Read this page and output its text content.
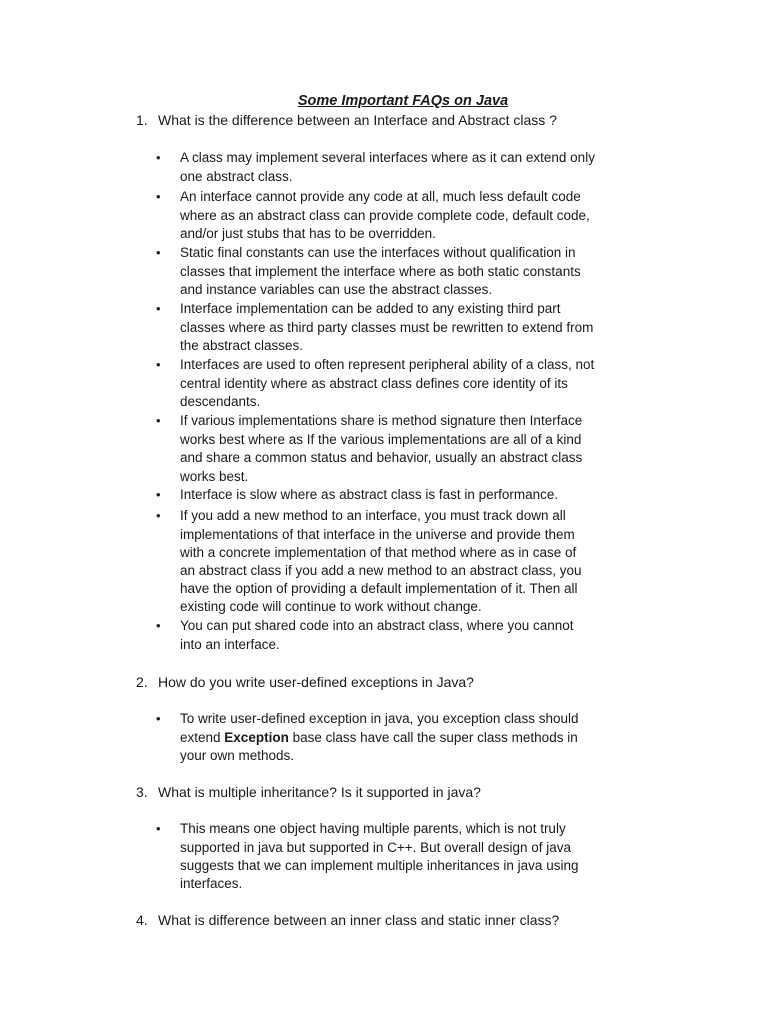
Some Important FAQs on Java
1. What is the difference between an Interface and Abstract class ?
• A class may implement several interfaces where as it can extend only
one abstract class.
• An interface cannot provide any code at all, much less default code
where as an abstract class can provide complete code, default code,
and/or just stubs that has to be overridden.
• Static final constants can use the interfaces without qualification in
classes that implement the interface where as both static constants
and instance variables can use the abstract classes.
• Interface implementation can be added to any existing third part
classes where as third party classes must be rewritten to extend from
the abstract classes.
• Interfaces are used to often represent peripheral ability of a class, not
central identity where as abstract class defines core identity of its
descendants.
• If various implementations share is method signature then Interface
works best where as If the various implementations are all of a kind
and share a common status and behavior, usually an abstract class
works best.
• Interface is slow where as abstract class is fast in performance.
• If you add a new method to an interface, you must track down all
implementations of that interface in the universe and provide them
with a concrete implementation of that method where as in case of
an abstract class if you add a new method to an abstract class, you
have the option of providing a default implementation of it. Then all
existing code will continue to work without change.
• You can put shared code into an abstract class, where you cannot
into an interface.
2. How do you write user-defined exceptions in Java?
• To write user-defined exception in java, you exception class should
extend Exception base class have call the super class methods in
your own methods.
3. What is multiple inheritance? Is it supported in java?
• This means one object having multiple parents, which is not truly
supported in java but supported in C++. But overall design of java
suggests that we can implement multiple inheritances in java using
interfaces.
4. What is difference between an inner class and static inner class?
